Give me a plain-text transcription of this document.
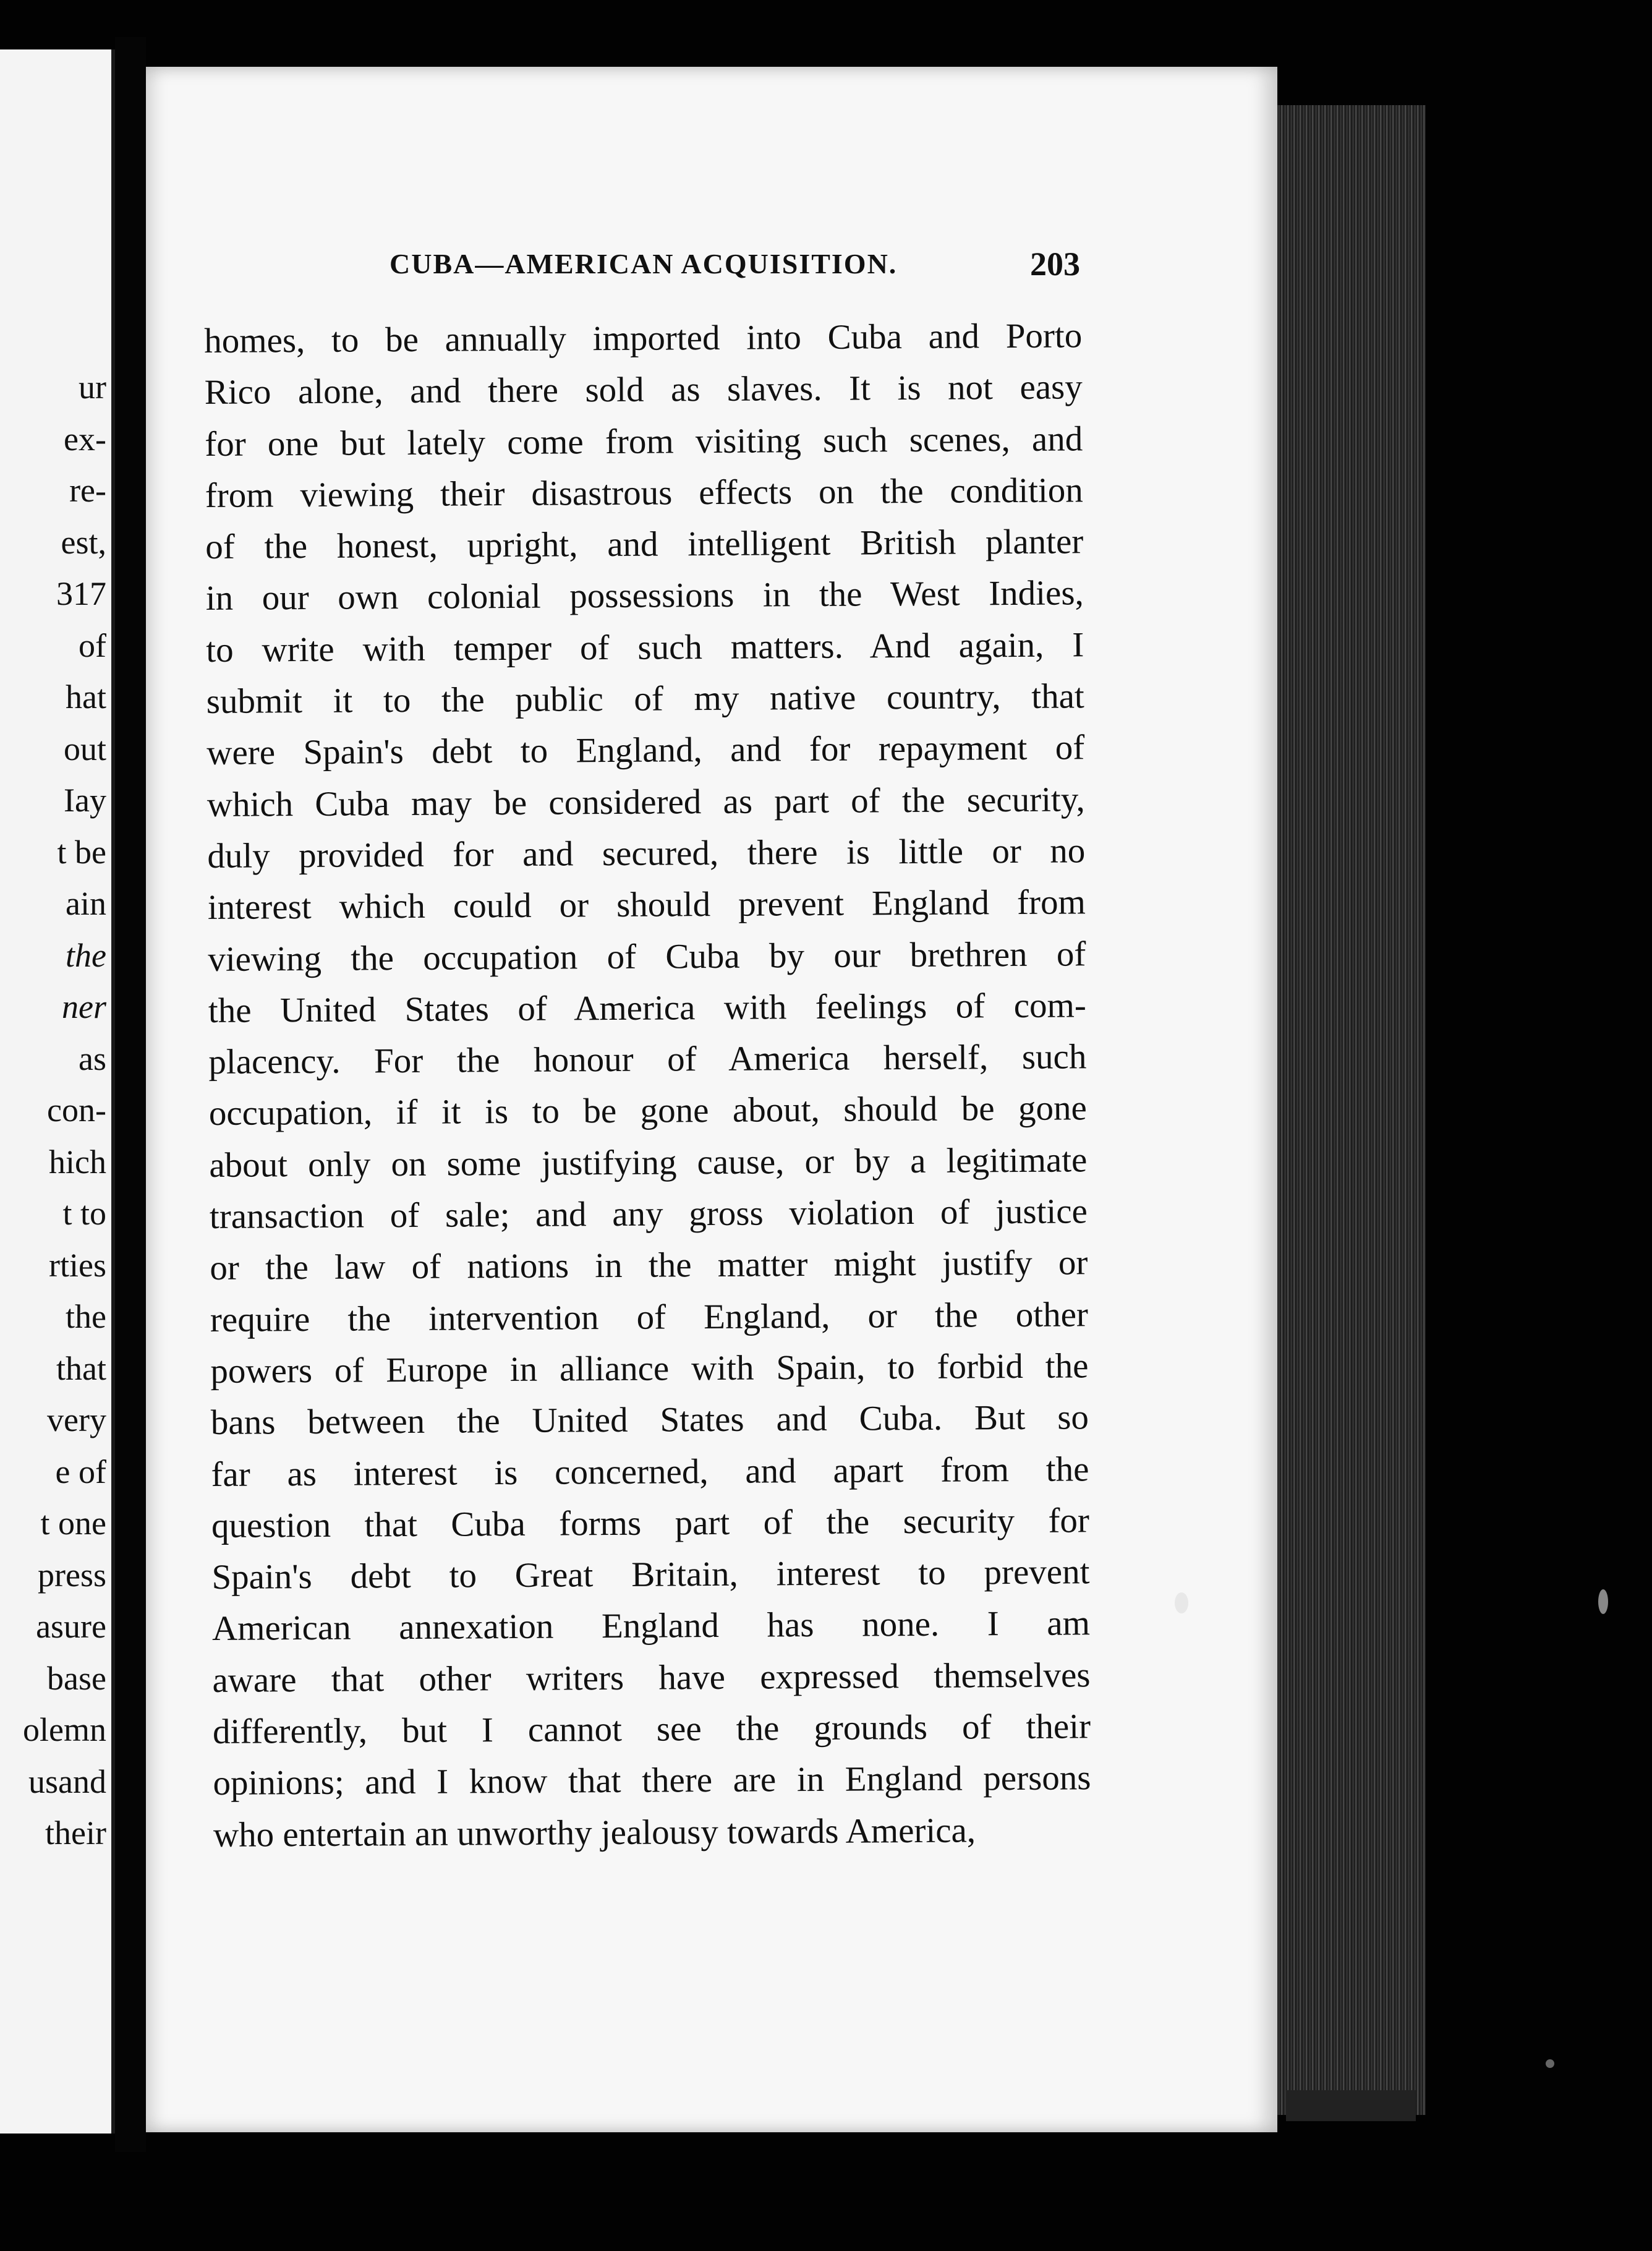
ur
ex-
re-
est,
317
of
hat
out
Iay
t be
ain
the
ner
as
con-
hich
t to
rties
the
that
very
e of
t one
press
asure
base
olemn
usand
their
CUBA—AMERICAN ACQUISITION.	203
homes, to be annually imported into Cuba and Porto
Rico alone, and there sold as slaves. It is not easy
for one but lately come from visiting such scenes, and
from viewing their disastrous effects on the condition
of the honest, upright, and intelligent British planter
in our own colonial possessions in the West Indies,
to write with temper of such matters. And again, I
submit it to the public of my native country, that
were Spain's debt to England, and for repayment of
which Cuba may be considered as part of the security,
duly provided for and secured, there is little or no
interest which could or should prevent England from
viewing the occupation of Cuba by our brethren of
the United States of America with feelings of com-
placency. For the honour of America herself, such
occupation, if it is to be gone about, should be gone
about only on some justifying cause, or by a legitimate
transaction of sale; and any gross violation of justice
or the law of nations in the matter might justify or
require the intervention of England, or the other
powers of Europe in alliance with Spain, to forbid the
bans between the United States and Cuba. But so
far as interest is concerned, and apart from the
question that Cuba forms part of the security for
Spain's debt to Great Britain, interest to prevent
American annexation England has none. I am
aware that other writers have expressed themselves
differently, but I cannot see the grounds of their
opinions; and I know that there are in England persons
who entertain an unworthy jealousy towards America,
